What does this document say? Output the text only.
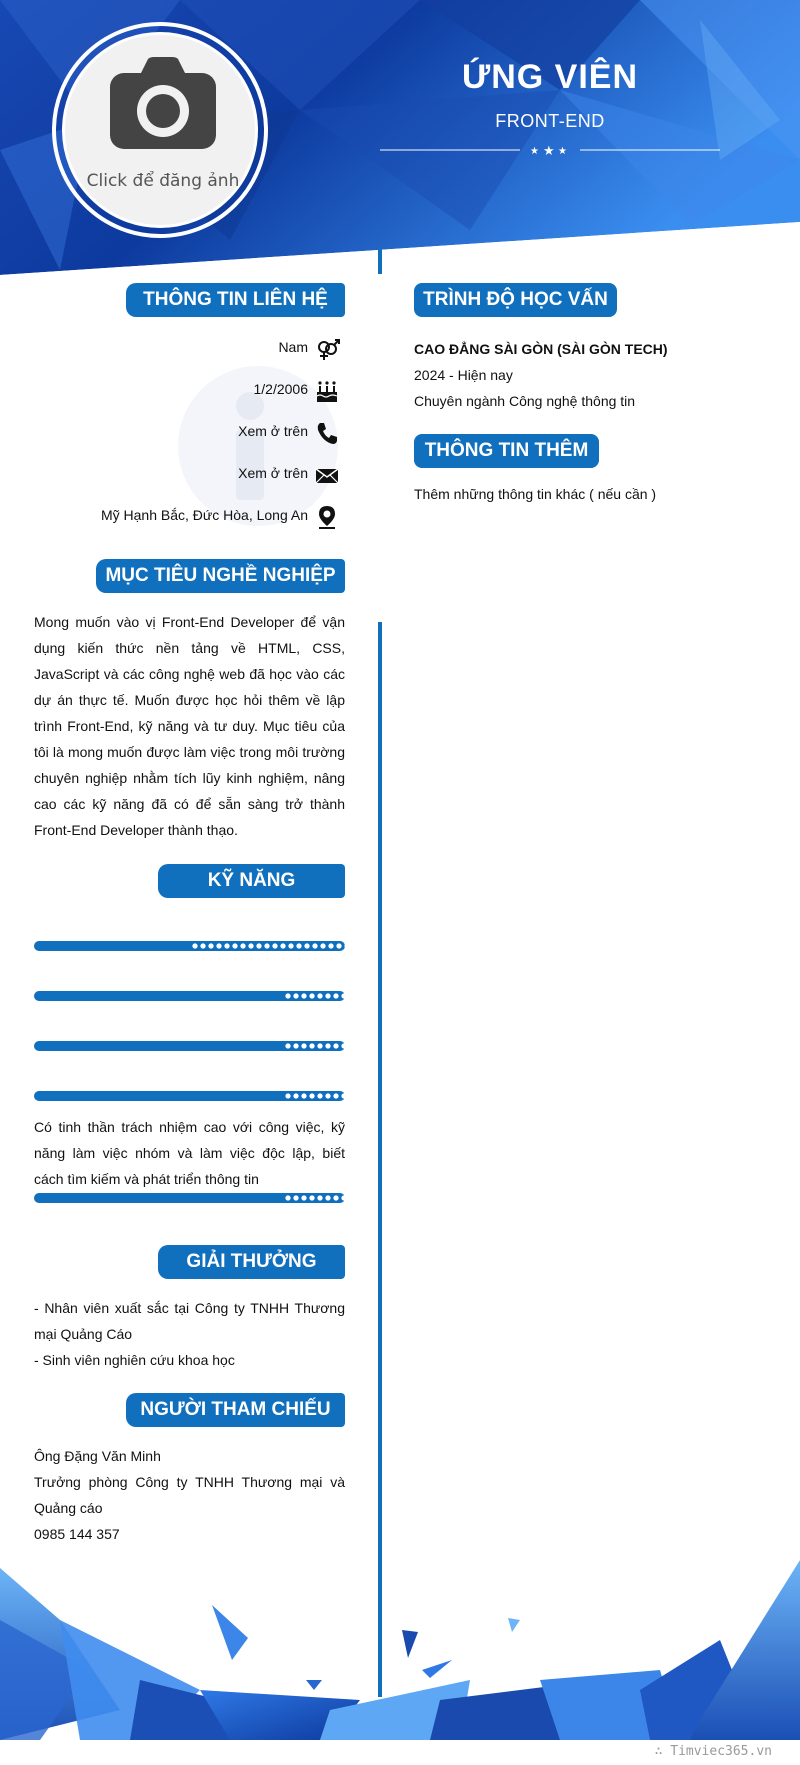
ỨNG VIÊN
FRONT-END
★ ★ ★
Click để đăng ảnh
THÔNG TIN LIÊN HỆ
Nam
1/2/2006
Xem ở trên
Xem ở trên
Mỹ Hạnh Bắc, Đức Hòa, Long An
MỤC TIÊU NGHỀ NGHIỆP
Mong muốn vào vị Front-End Developer để vận dụng kiến thức nền tảng về HTML, CSS, JavaScript và các công nghệ web đã học vào các dự án thực tế. Muốn được học hỏi thêm về lập trình Front-End, kỹ năng và tư duy. Mục tiêu của tôi là mong muốn được làm việc trong môi trường chuyên nghiệp nhằm tích lũy kinh nghiệm, nâng cao các kỹ năng đã có để sẵn sàng trở thành Front-End Developer thành thạo.
KỸ NĂNG
Có tinh thần trách nhiệm cao với công việc, kỹ năng làm việc nhóm và làm việc độc lập, biết cách tìm kiếm và phát triển thông tin
GIẢI THƯỞNG
- Nhân viên xuất sắc tại Công ty TNHH Thương mại Quảng Cáo
- Sinh viên nghiên cứu khoa học
NGƯỜI THAM CHIẾU
Ông Đặng Văn Minh
Trưởng phòng Công ty TNHH Thương mại và Quảng cáo
0985 144 357
TRÌNH ĐỘ HỌC VẤN
CAO ĐẲNG SÀI GÒN (SÀI GÒN TECH)
2024 - Hiện nay
Chuyên ngành Công nghệ thông tin
THÔNG TIN THÊM
Thêm những thông tin khác ( nếu cần )
∴ Timviec365.vn
